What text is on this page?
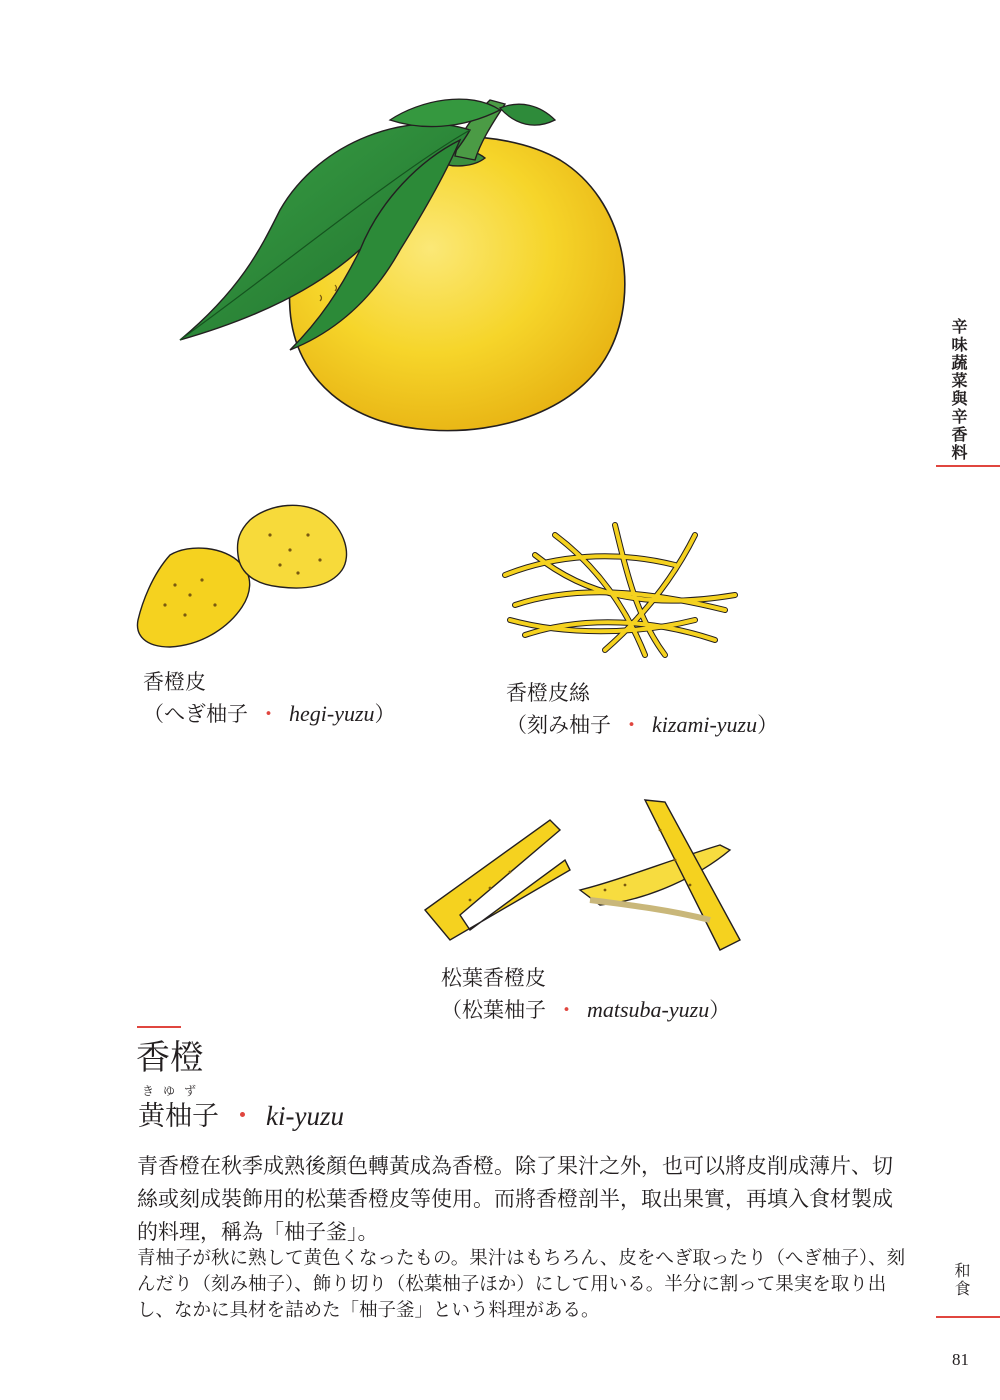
香橙皮
（へぎ柚子 ・ hegi-yuzu）
香橙皮絲
（刻み柚子 ・ kizami-yuzu）
松葉香橙皮
（松葉柚子 ・ matsuba-yuzu）
香橙
きゆず
黄柚子 ・ ki-yuzu
青香橙在秋季成熟後顏色轉黃成為香橙。除了果汁之外，也可以將皮削成薄片、切絲或刻成裝飾用的松葉香橙皮等使用。而將香橙剖半，取出果實，再填入食材製成的料理，稱為「柚子釜」。
青柚子が秋に熟して黄色くなったもの。果汁はもちろん、皮をへぎ取ったり（へぎ柚子）、刻んだり（刻み柚子）、飾り切り（松葉柚子ほか）にして用いる。半分に割って果実を取り出し、なかに具材を詰めた「柚子釜」という料理がある。
辛味蔬菜與辛香料
和食
81
